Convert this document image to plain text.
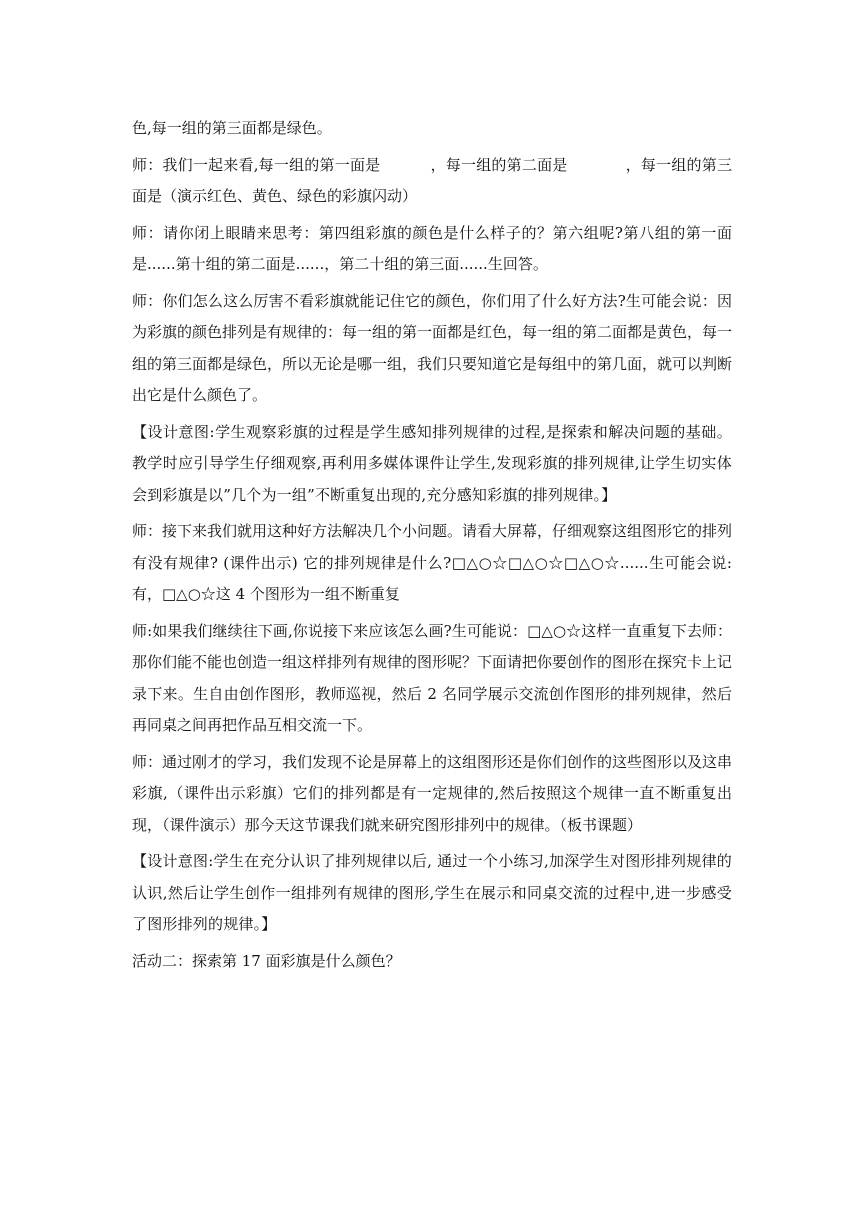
色,每一组的第三面都是绿色。

师：我们一起来看,每一组的第一面是	，每一组的第二面是	，每一组的第三面是（演示红色、黄色、绿色的彩旗闪动）

师：请你闭上眼睛来思考：第四组彩旗的颜色是什么样子的？第六组呢?第八组的第一面是......第十组的第二面是......，第二十组的第三面......生回答。

师：你们怎么这么厉害不看彩旗就能记住它的颜色，你们用了什么好方法?生可能会说：因为彩旗的颜色排列是有规律的：每一组的第一面都是红色，每一组的第二面都是黄色，每一组的第三面都是绿色，所以无论是哪一组，我们只要知道它是每组中的第几面，就可以判断出它是什么颜色了。

【设计意图:学生观察彩旗的过程是学生感知排列规律的过程,是探索和解决问题的基础。教学时应引导学生仔细观察,再利用多媒体课件让学生,发现彩旗的排列规律,让学生切实体会到彩旗是以”几个为一组”不断重复出现的,充分感知彩旗的排列规律。】

师：接下来我们就用这种好方法解决几个小问题。请看大屏幕，仔细观察这组图形它的排列有没有规律? (课件出示) 它的排列规律是什么?□△○☆□△○☆□△○☆......生可能会说:有，□△○☆这 4 个图形为一组不断重复

师:如果我们继续往下画,你说接下来应该怎么画?生可能说：□△○☆这样一直重复下去师：那你们能不能也创造一组这样排列有规律的图形呢？下面请把你要创作的图形在探究卡上记录下来。生自由创作图形，教师巡视，然后 2 名同学展示交流创作图形的排列规律，然后再同桌之间再把作品互相交流一下。

师：通过刚才的学习，我们发现不论是屏幕上的这组图形还是你们创作的这些图形以及这串彩旗,（课件出示彩旗）它们的排列都是有一定规律的,然后按照这个规律一直不断重复出现，（课件演示）那今天这节课我们就来研究图形排列中的规律。（板书课题）

【设计意图:学生在充分认识了排列规律以后, 通过一个小练习,加深学生对图形排列规律的认识,然后让学生创作一组排列有规律的图形,学生在展示和同桌交流的过程中,进一步感受了图形排列的规律。】

活动二：探索第 17 面彩旗是什么颜色？
